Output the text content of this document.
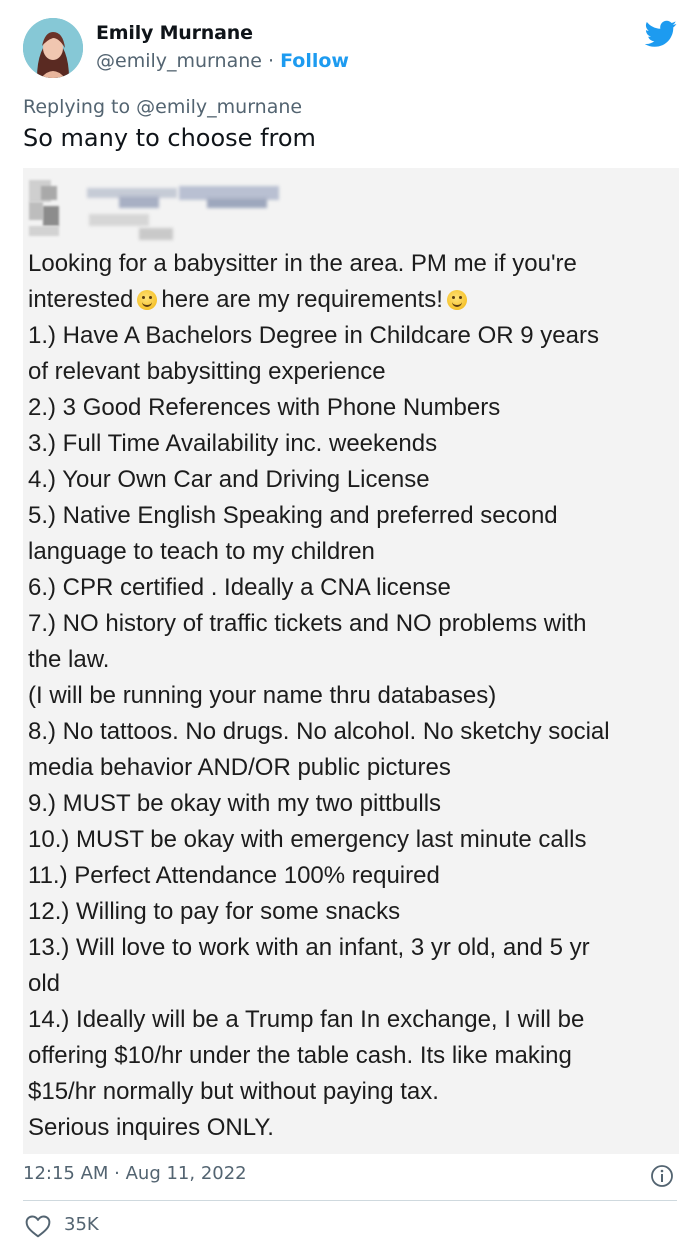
Emily Murnane
@emily_murnane · Follow
Replying to @emily_murnane
So many to choose from
Looking for a babysitter in the area. PM me if you're
interested here are my requirements!
1.) Have A Bachelors Degree in Childcare OR 9 years
of relevant babysitting experience
2.) 3 Good References with Phone Numbers
3.) Full Time Availability inc. weekends
4.) Your Own Car and Driving License
5.) Native English Speaking and preferred second
language to teach to my children
6.) CPR certified . Ideally a CNA license
7.) NO history of traffic tickets and NO problems with
the law.
(I will be running your name thru databases)
8.) No tattoos. No drugs. No alcohol. No sketchy social
media behavior AND/OR public pictures
9.) MUST be okay with my two pittbulls
10.) MUST be okay with emergency last minute calls
11.) Perfect Attendance 100% required
12.) Willing to pay for some snacks
13.) Will love to work with an infant, 3 yr old, and 5 yr
old
14.) Ideally will be a Trump fan In exchange, I will be
offering $10/hr under the table cash. Its like making
$15/hr normally but without paying tax.
Serious inquires ONLY.
12:15 AM · Aug 11, 2022
35K
